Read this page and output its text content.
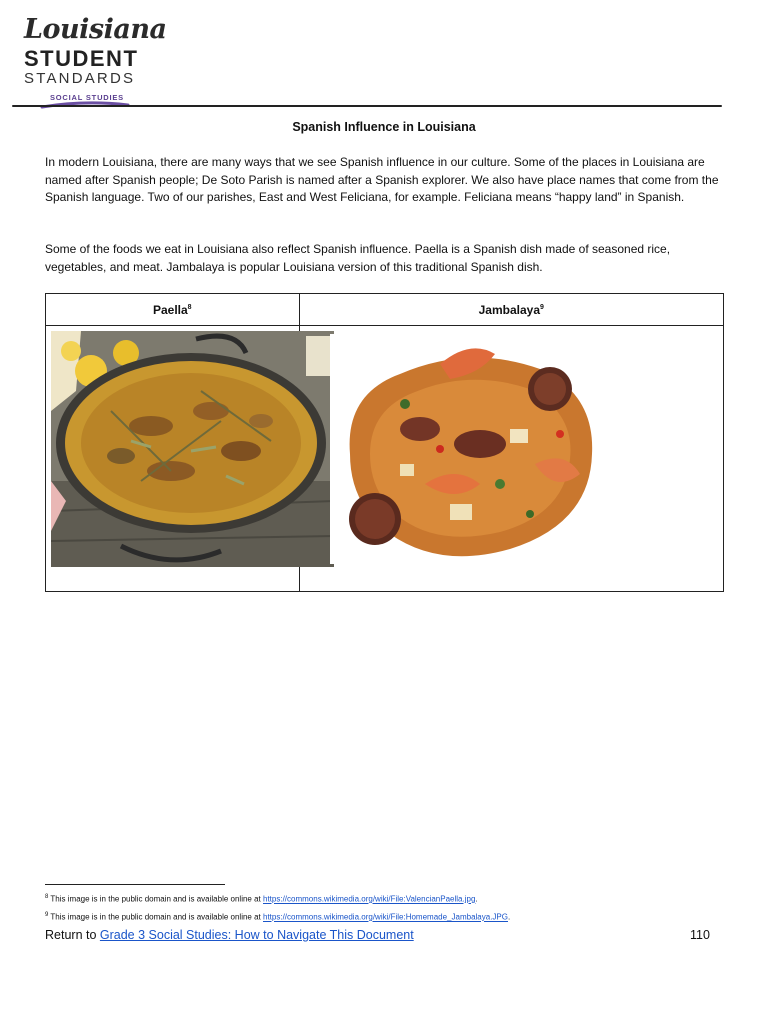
Louisiana
STUDENT
STANDARDS
SOCIAL STUDIES
Spanish Influence in Louisiana

In modern Louisiana, there are many ways that we see Spanish influence in our culture. Some of the places in Louisiana are named after Spanish people; De Soto Parish is named after a Spanish explorer. We also have place names that come from the Spanish language. Two of our parishes, East and West Feliciana, for example. Feliciana means “happy land” in Spanish.

Some of the foods we eat in Louisiana also reflect Spanish influence. Paella is a Spanish dish made of seasoned rice, vegetables, and meat. Jambalaya is popular Louisiana version of this traditional Spanish dish.

Paella$^8$	Jambalaya$^9$

$^8$ This image is in the public domain and is available online at https://commons.wikimedia.org/wiki/File:ValencianPaella.jpg.
$^9$ This image is in the public domain and is available online at https://commons.wikimedia.org/wiki/File:Homemade_Jambalaya.JPG.
Return to Grade 3 Social Studies: How to Navigate This Document	110
